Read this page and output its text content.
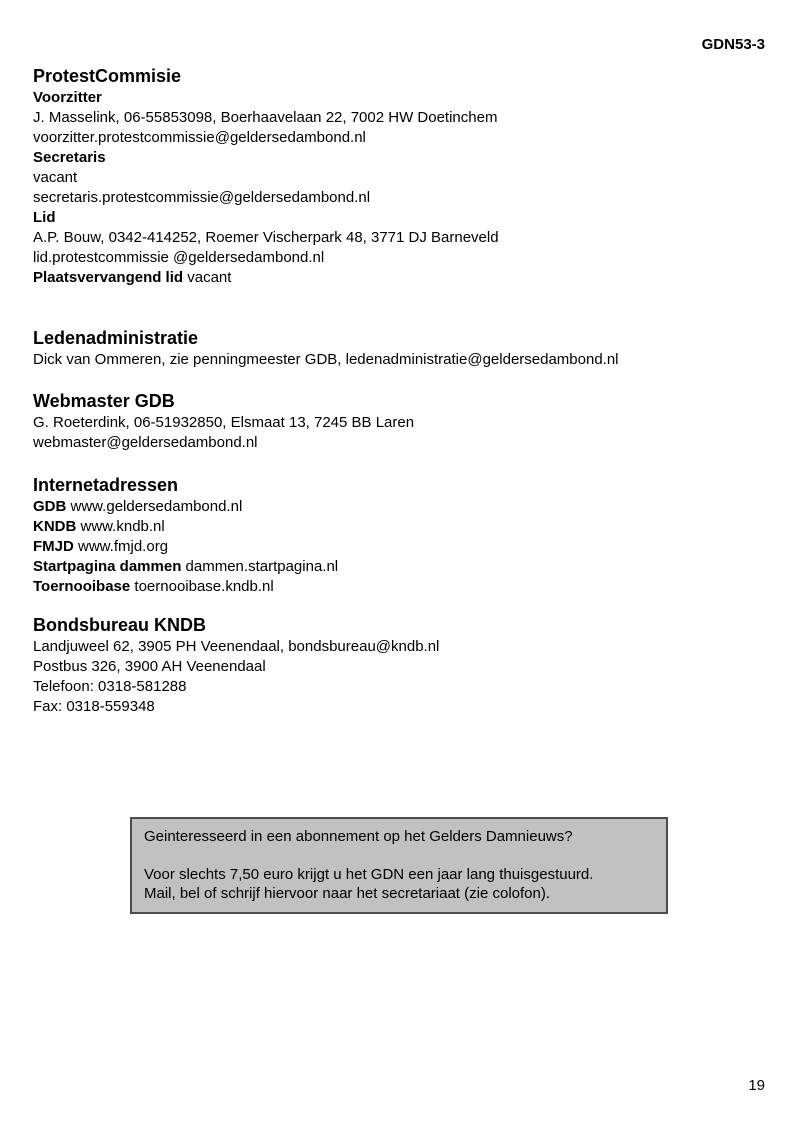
GDN53-3
ProtestCommisie
Voorzitter
J. Masselink, 06-55853098, Boerhaavelaan 22, 7002 HW Doetinchem
voorzitter.protestcommissie@geldersedambond.nl
Secretaris
vacant
secretaris.protestcommissie@geldersedambond.nl
Lid
A.P. Bouw, 0342-414252, Roemer Vischerpark 48, 3771 DJ Barneveld
lid.protestcommissie @geldersedambond.nl
Plaatsvervangend lid vacant
Ledenadministratie
Dick van Ommeren, zie penningmeester GDB, ledenadministratie@geldersedambond.nl
Webmaster GDB
G. Roeterdink, 06-51932850, Elsmaat 13, 7245 BB Laren
webmaster@geldersedambond.nl
Internetadressen
GDB www.geldersedambond.nl
KNDB www.kndb.nl
FMJD www.fmjd.org
Startpagina dammen dammen.startpagina.nl
Toernooibase toernooibase.kndb.nl
Bondsbureau KNDB
Landjuweel 62, 3905 PH Veenendaal, bondsbureau@kndb.nl
Postbus 326, 3900 AH Veenendaal
Telefoon: 0318-581288
Fax: 0318-559348
Geinteresseerd in een abonnement op het Gelders Damnieuws?
Voor slechts 7,50 euro krijgt u het GDN een jaar lang thuisgestuurd.
Mail, bel of schrijf hiervoor naar het secretariaat (zie colofon).
19
